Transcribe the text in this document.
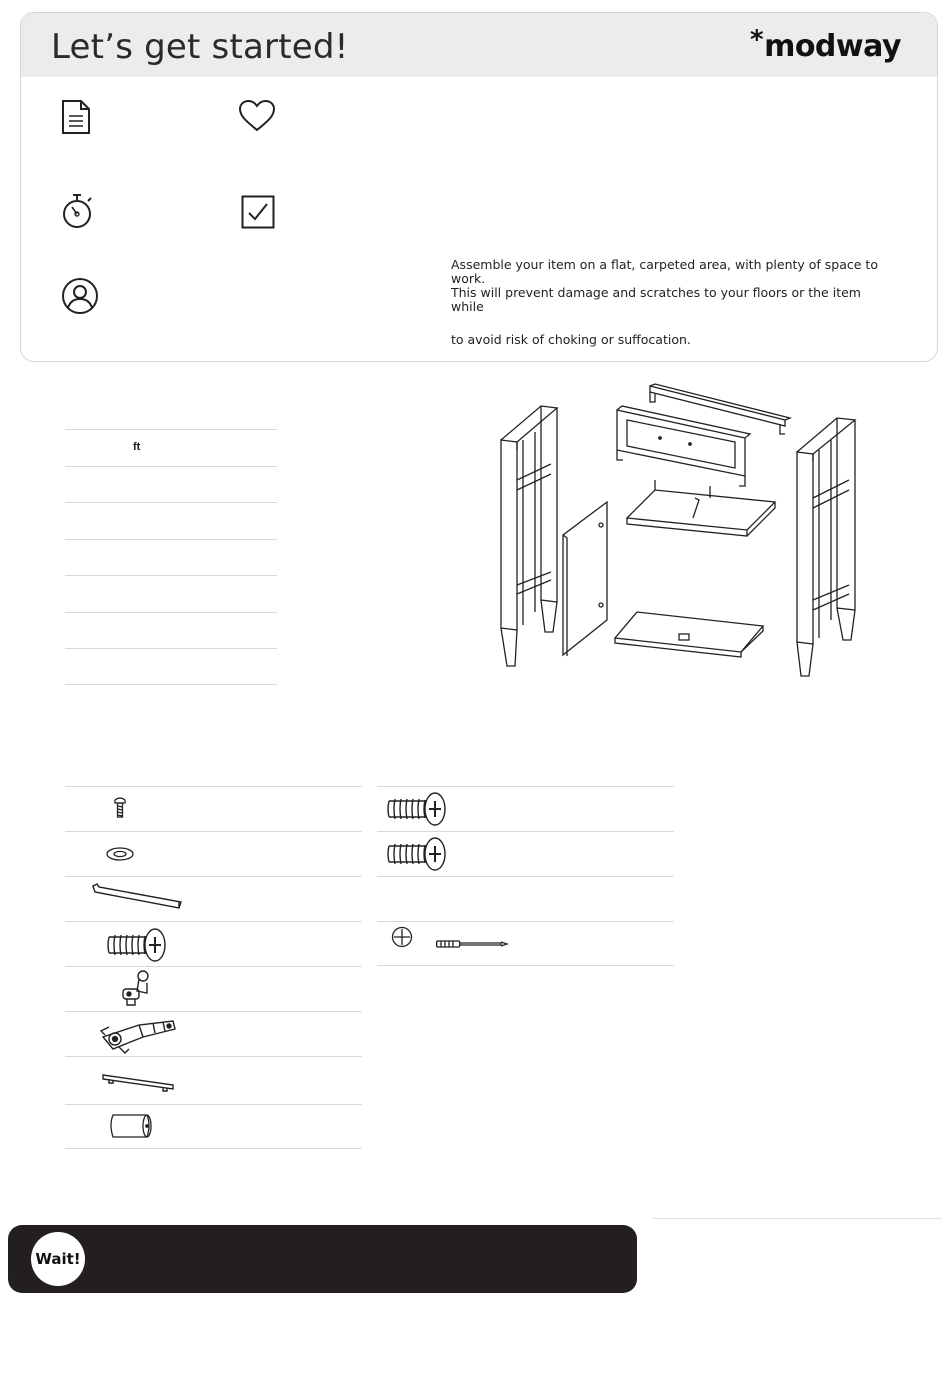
Let’s get started!	*modway
Assemble your item on a flat, carpeted area, with plenty of space to work.
This will prevent damage and scratches to your floors or the item while
to avoid risk of choking or suffocation.
ft
Wait!
